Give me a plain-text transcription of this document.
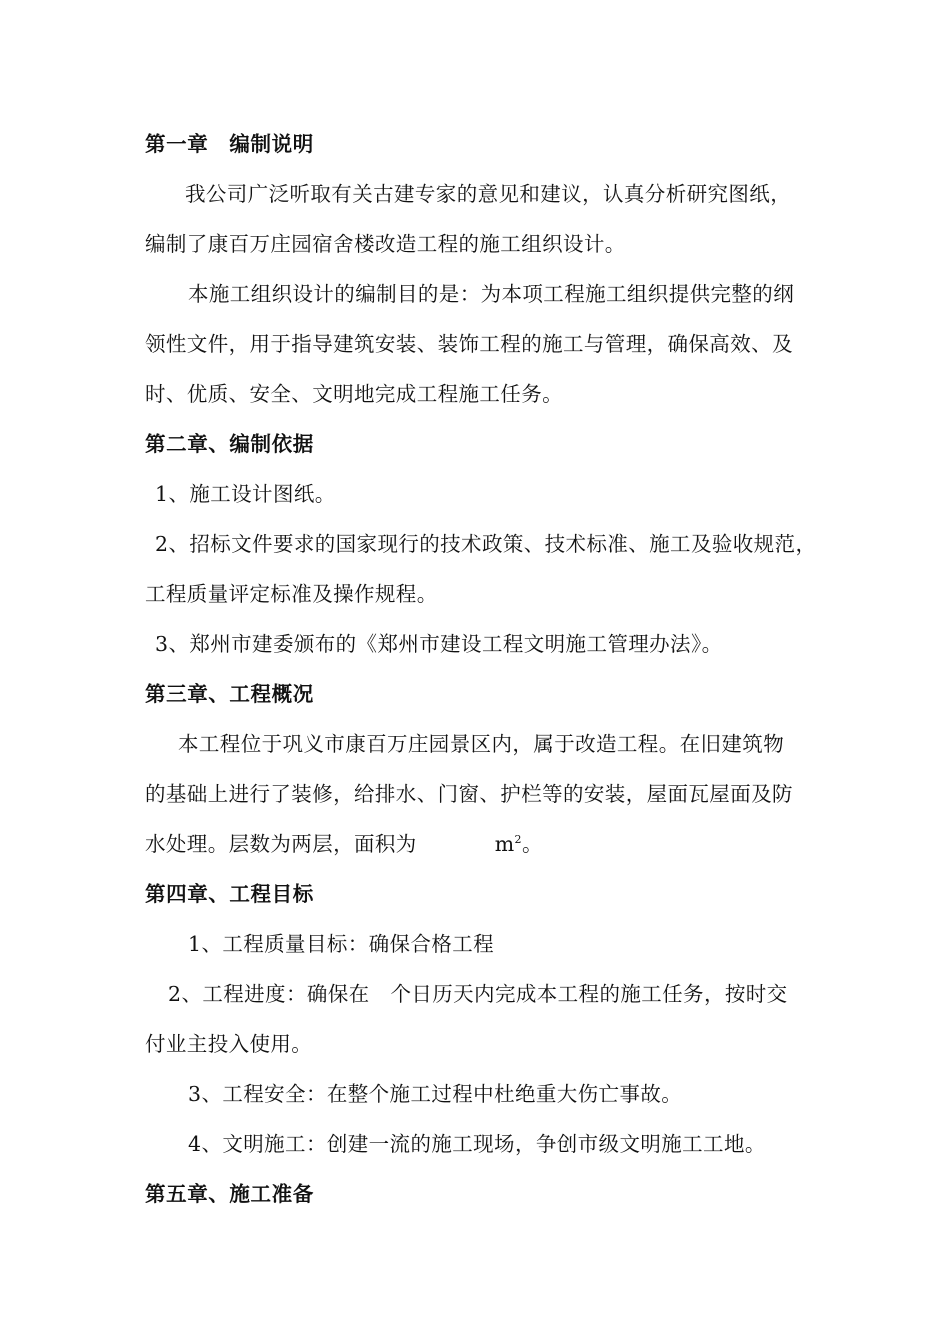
第一章　编制说明
我公司广泛听取有关古建专家的意见和建议，认真分析研究图纸，
编制了康百万庄园宿舍楼改造工程的施工组织设计。
本施工组织设计的编制目的是：为本项工程施工组织提供完整的纲
领性文件，用于指导建筑安装、装饰工程的施工与管理，确保高效、及
时、优质、安全、文明地完成工程施工任务。
第二章、编制依据
1、施工设计图纸。
2、招标文件要求的国家现行的技术政策、技术标准、施工及验收规范，
工程质量评定标准及操作规程。
3、郑州市建委颁布的《郑州市建设工程文明施工管理办法》。
第三章、工程概况
本工程位于巩义市康百万庄园景区内，属于改造工程。在旧建筑物
的基础上进行了装修，给排水、门窗、护栏等的安装，屋面瓦屋面及防
水处理。层数为两层，面积为	$m^2$。
第四章、工程目标
1、工程质量目标：确保合格工程
2、工程进度：确保在　个日历天内完成本工程的施工任务，按时交
付业主投入使用。
3、工程安全：在整个施工过程中杜绝重大伤亡事故。
4、文明施工：创建一流的施工现场，争创市级文明施工工地。
第五章、施工准备
